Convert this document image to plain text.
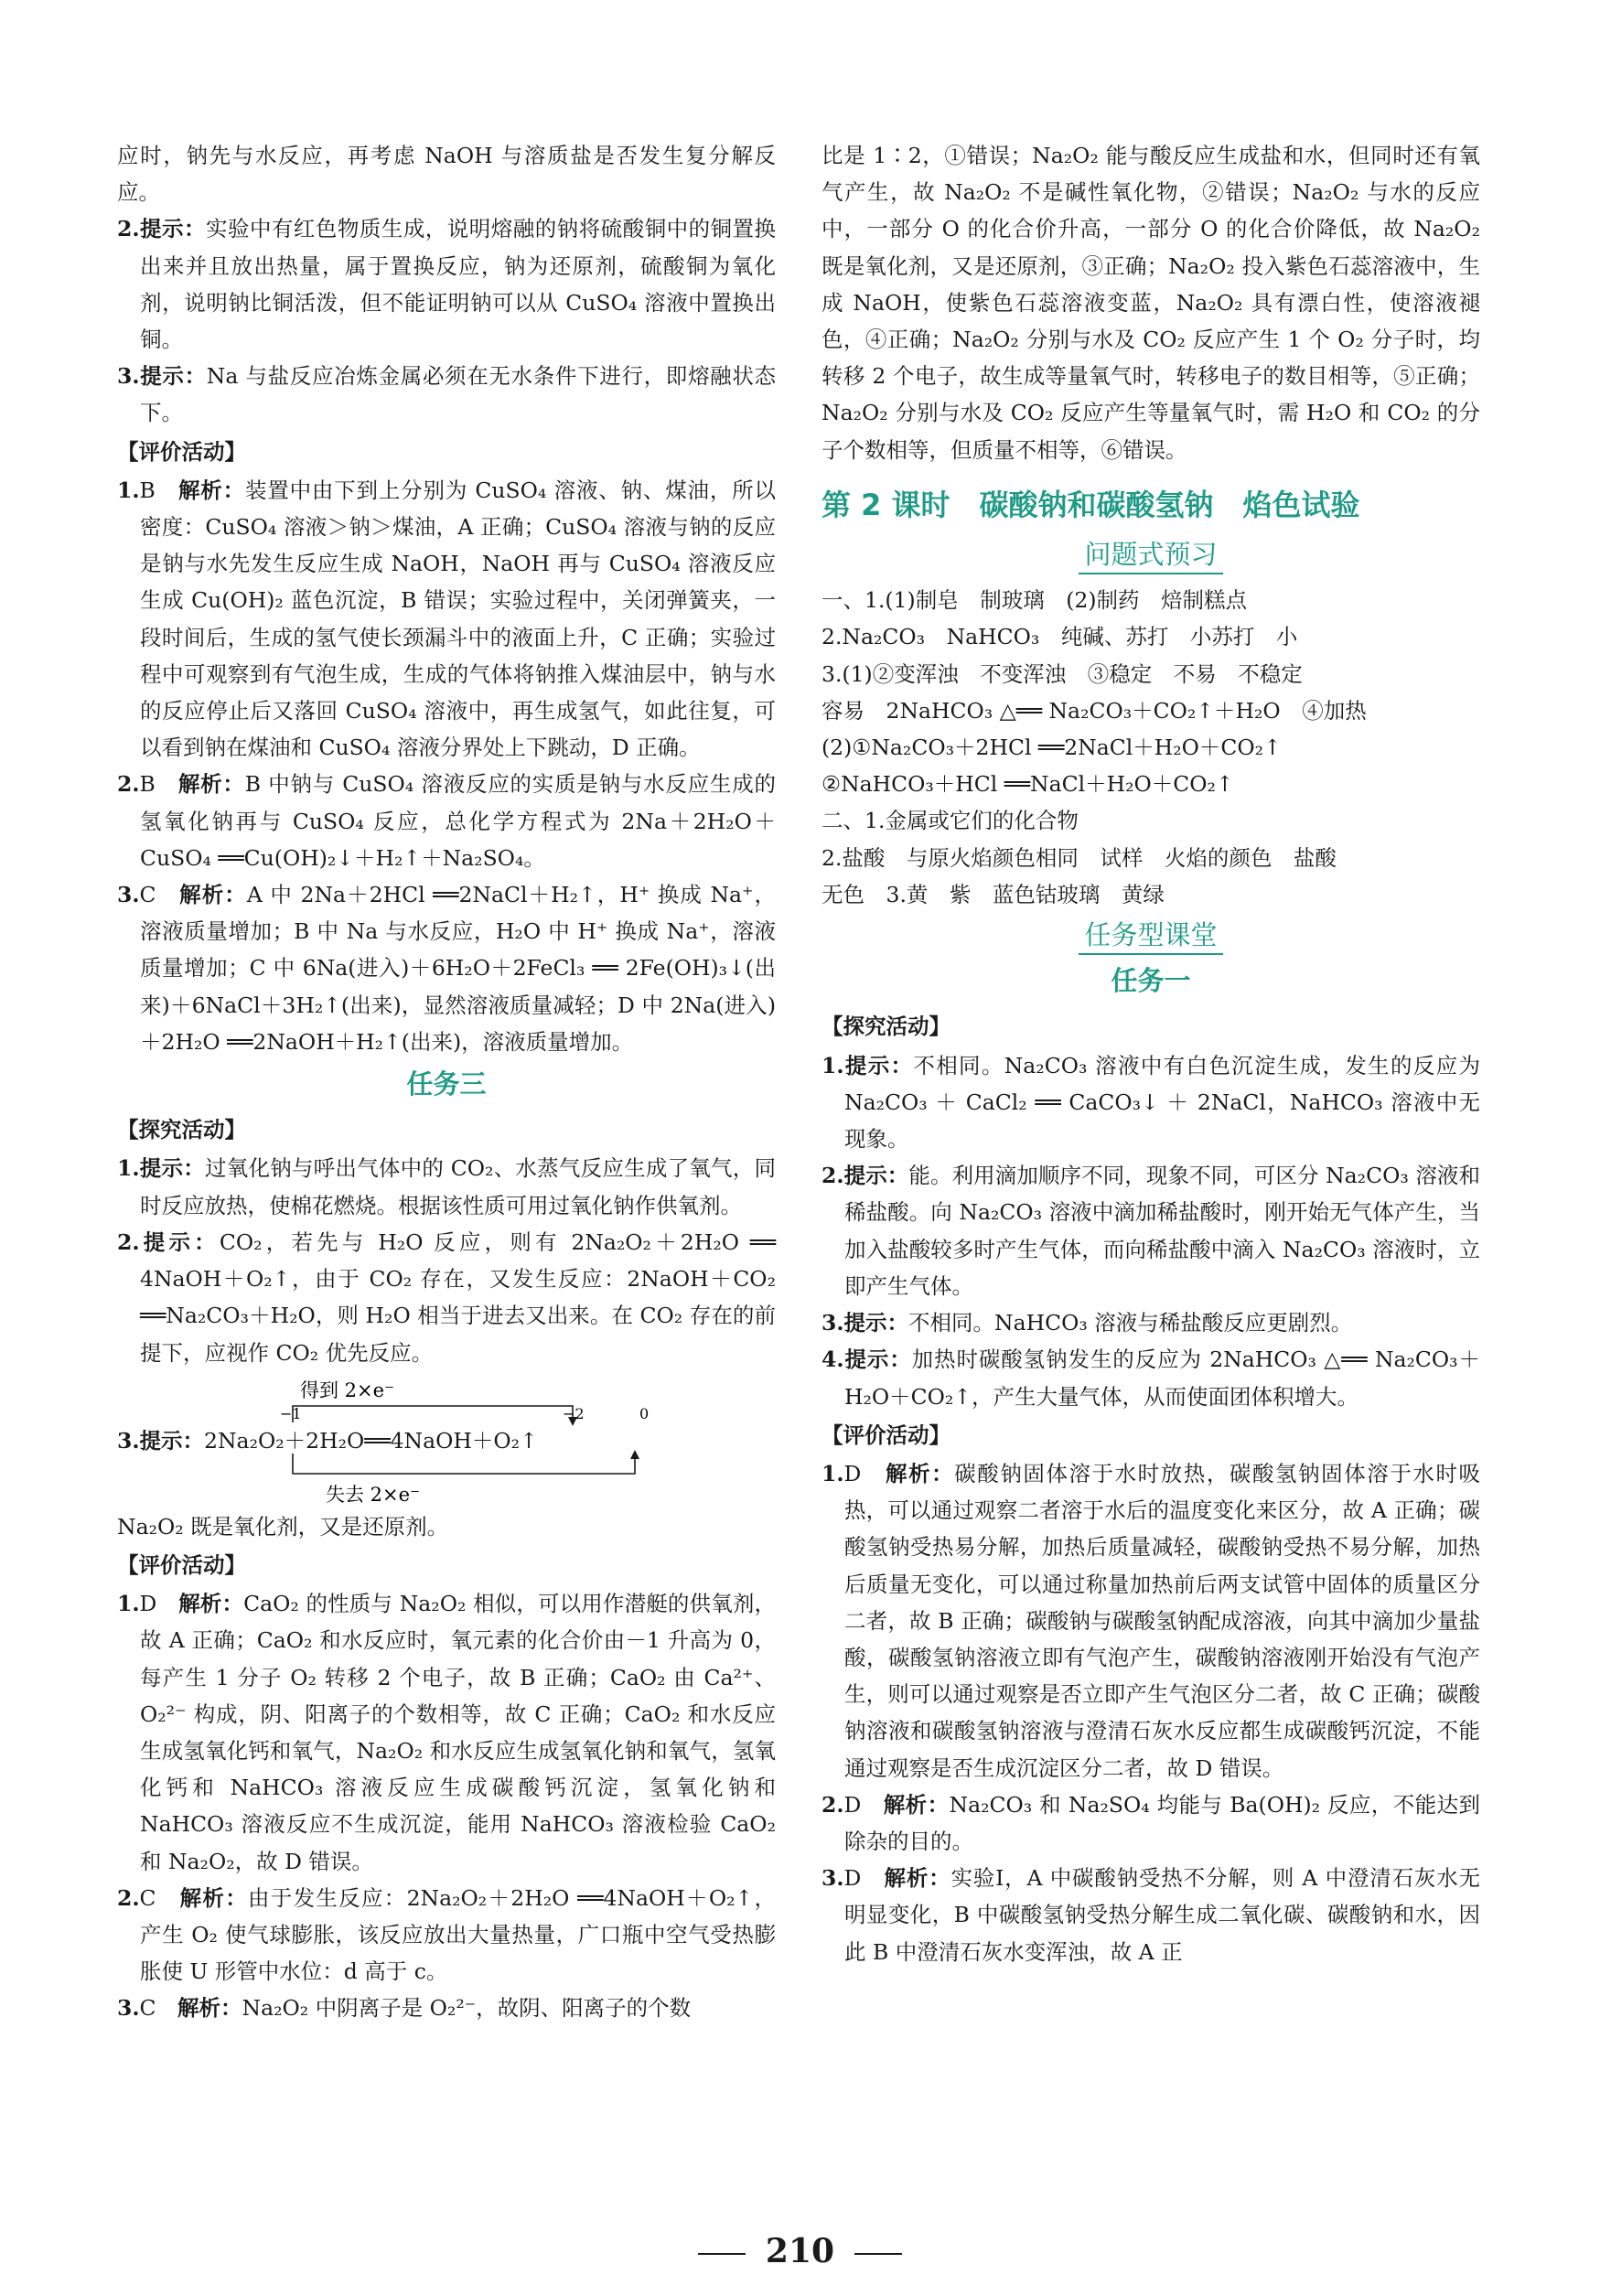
应时，钠先与水反应，再考虑 NaOH 与溶质盐是否发生复分解反应。

2.提示：实验中有红色物质生成，说明熔融的钠将硫酸铜中的铜置换出来并且放出热量，属于置换反应，钠为还原剂，硫酸铜为氧化剂，说明钠比铜活泼，但不能证明钠可以从 CuSO₄ 溶液中置换出铜。

3.提示：Na 与盐反应冶炼金属必须在无水条件下进行，即熔融状态下。

【评价活动】

1.B　 解析：装置中由下到上分别为 CuSO₄ 溶液、钠、煤油，所以密度：CuSO₄ 溶液＞钠＞煤油，A 正确；CuSO₄ 溶液与钠的反应是钠与水先发生反应生成 NaOH，NaOH 再与 CuSO₄ 溶液反应生成 Cu(OH)₂ 蓝色沉淀，B 错误；实验过程中，关闭弹簧夹，一段时间后，生成的氢气使长颈漏斗中的液面上升，C 正确；实验过程中可观察到有气泡生成，生成的气体将钠推入煤油层中，钠与水的反应停止后又落回 CuSO₄ 溶液中，再生成氢气，如此往复，可以看到钠在煤油和 CuSO₄ 溶液分界处上下跳动，D 正确。

2.B　 解析：B 中钠与 CuSO₄ 溶液反应的实质是钠与水反应生成的氢氧化钠再与 CuSO₄ 反应，总化学方程式为 2Na＋2H₂O＋CuSO₄ ══Cu(OH)₂↓＋H₂↑＋Na₂SO₄。

3.C　 解析：A 中 2Na＋2HCl ══2NaCl＋H₂↑，H⁺ 换成 Na⁺，溶液质量增加；B 中 Na 与水反应，H₂O 中 H⁺ 换成 Na⁺，溶液质量增加；C 中 6Na(进入)＋6H₂O＋2FeCl₃ ══ 2Fe(OH)₃↓(出来)＋6NaCl＋3H₂↑(出来)，显然溶液质量减轻；D 中 2Na(进入)＋2H₂O ══2NaOH＋H₂↑(出来)，溶液质量增加。

任务三
【探究活动】

1.提示：过氧化钠与呼出气体中的 CO₂、水蒸气反应生成了氧气，同时反应放热，使棉花燃烧。根据该性质可用过氧化钠作供氧剂。

2.提示：CO₂，若先与 H₂O 反应，则有 2Na₂O₂＋2H₂O ══ 4NaOH＋O₂↑，由于 CO₂ 存在，又发生反应：2NaOH＋CO₂ ══Na₂CO₃＋H₂O，则 H₂O 相当于进去又出来。在 CO₂ 存在的前提下，应视作 CO₂ 优先反应。

得到 2×e⁻
−1	−2	0
失去 2×e⁻
3.提示：2Na₂O₂＋2H₂O══4NaOH＋O₂↑

Na₂O₂ 既是氧化剂，又是还原剂。

【评价活动】

1.D　 解析：CaO₂ 的性质与 Na₂O₂ 相似，可以用作潜艇的供氧剂，故 A 正确；CaO₂ 和水反应时，氧元素的化合价由－1 升高为 0，每产生 1 分子 O₂ 转移 2 个电子，故 B 正确；CaO₂ 由 Ca²⁺、O₂²⁻ 构成，阴、阳离子的个数相等，故 C 正确；CaO₂ 和水反应生成氢氧化钙和氧气，Na₂O₂ 和水反应生成氢氧化钠和氧气，氢氧化钙和 NaHCO₃ 溶液反应生成碳酸钙沉淀，氢氧化钠和 NaHCO₃ 溶液反应不生成沉淀，能用 NaHCO₃ 溶液检验 CaO₂ 和 Na₂O₂，故 D 错误。

2.C　 解析：由于发生反应：2Na₂O₂＋2H₂O ══4NaOH＋O₂↑，产生 O₂ 使气球膨胀，该反应放出大量热量，广口瓶中空气受热膨胀使 U 形管中水位：d 高于 c。

3.C　 解析：Na₂O₂ 中阴离子是 O₂²⁻，故阴、阳离子的个数

比是 1∶2，①错误；Na₂O₂ 能与酸反应生成盐和水，但同时还有氧气产生，故 Na₂O₂ 不是碱性氧化物，②错误；Na₂O₂ 与水的反应中，一部分 O 的化合价升高，一部分 O 的化合价降低，故 Na₂O₂ 既是氧化剂，又是还原剂，③正确；Na₂O₂ 投入紫色石蕊溶液中，生成 NaOH，使紫色石蕊溶液变蓝，Na₂O₂ 具有漂白性，使溶液褪色，④正确；Na₂O₂ 分别与水及 CO₂ 反应产生 1 个 O₂ 分子时，均转移 2 个电子，故生成等量氧气时，转移电子的数目相等，⑤正确；Na₂O₂ 分别与水及 CO₂ 反应产生等量氧气时，需 H₂O 和 CO₂ 的分子个数相等，但质量不相等，⑥错误。

第 2 课时　碳酸钠和碳酸氢钠　焰色试验
问题式预习

一、1.(1)制皂　制玻璃　(2)制药　焙制糕点

2.Na₂CO₃　NaHCO₃　纯碱、苏打　小苏打　小

3.(1)②变浑浊　不变浑浊　③稳定　不易　不稳定

容易　2NaHCO₃ △══ Na₂CO₃＋CO₂↑＋H₂O　④加热

(2)①Na₂CO₃＋2HCl ══2NaCl＋H₂O＋CO₂↑

②NaHCO₃＋HCl ══NaCl＋H₂O＋CO₂↑

二、1.金属或它们的化合物

2.盐酸　与原火焰颜色相同　试样　火焰的颜色　盐酸

无色　3.黄　紫　蓝色钴玻璃　黄绿

任务型课堂
任务一
【探究活动】

1.提示：不相同。Na₂CO₃ 溶液中有白色沉淀生成，发生的反应为 Na₂CO₃ ＋ CaCl₂ ══ CaCO₃↓ ＋ 2NaCl，NaHCO₃ 溶液中无现象。

2.提示：能。利用滴加顺序不同，现象不同，可区分 Na₂CO₃ 溶液和稀盐酸。向 Na₂CO₃ 溶液中滴加稀盐酸时，刚开始无气体产生，当加入盐酸较多时产生气体，而向稀盐酸中滴入 Na₂CO₃ 溶液时，立即产生气体。

3.提示：不相同。NaHCO₃ 溶液与稀盐酸反应更剧烈。

4.提示：加热时碳酸氢钠发生的反应为 2NaHCO₃ △══ Na₂CO₃＋H₂O＋CO₂↑，产生大量气体，从而使面团体积增大。

【评价活动】

1.D　 解析：碳酸钠固体溶于水时放热，碳酸氢钠固体溶于水时吸热，可以通过观察二者溶于水后的温度变化来区分，故 A 正确；碳酸氢钠受热易分解，加热后质量减轻，碳酸钠受热不易分解，加热后质量无变化，可以通过称量加热前后两支试管中固体的质量区分二者，故 B 正确；碳酸钠与碳酸氢钠配成溶液，向其中滴加少量盐酸，碳酸氢钠溶液立即有气泡产生，碳酸钠溶液刚开始没有气泡产生，则可以通过观察是否立即产生气泡区分二者，故 C 正确；碳酸钠溶液和碳酸氢钠溶液与澄清石灰水反应都生成碳酸钙沉淀，不能通过观察是否生成沉淀区分二者，故 D 错误。

2.D　 解析：Na₂CO₃ 和 Na₂SO₄ 均能与 Ba(OH)₂ 反应，不能达到除杂的目的。

3.D　 解析：实验Ⅰ，A 中碳酸钠受热不分解，则 A 中澄清石灰水无明显变化，B 中碳酸氢钠受热分解生成二氧化碳、碳酸钠和水，因此 B 中澄清石灰水变浑浊，故 A 正

210
